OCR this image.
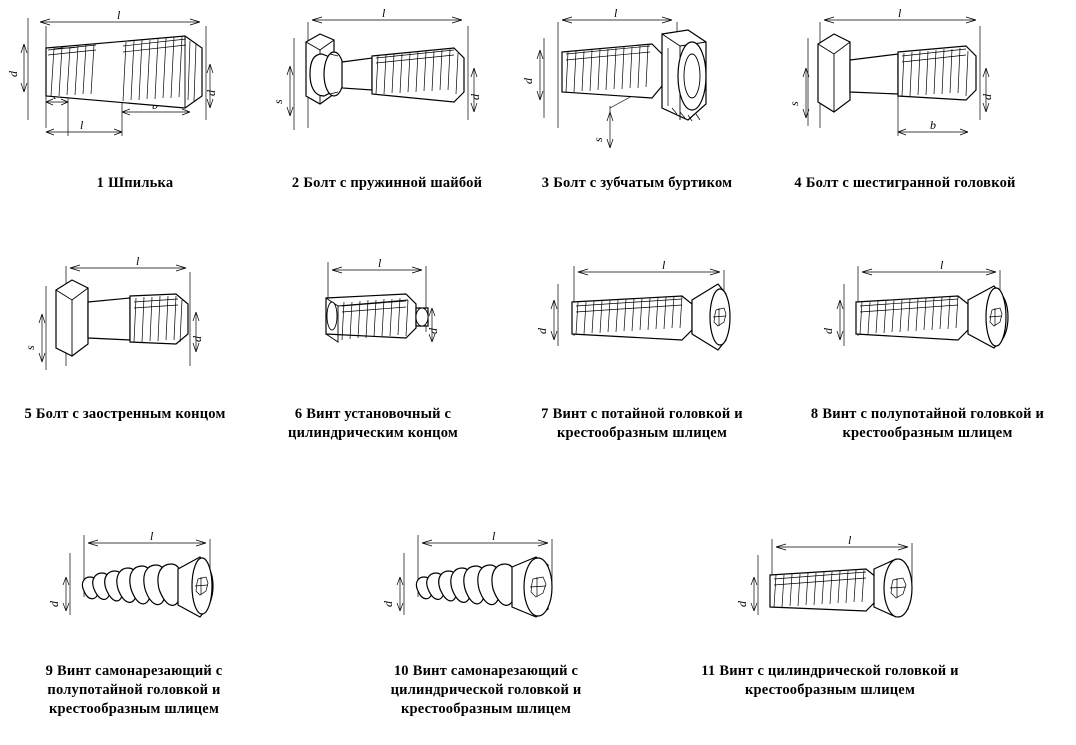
l
d
d
l
1 Шпилька
l
s
d
2 Болт с пружинной шайбой
l
d
s
3 Болт с зубчатым буртиком
l
s
d
b
4 Болт с шестигранной головкой
l
s
d
5 Болт с заостренным концом
l
d
6 Винт установочный с цилиндрическим концом
l
d
7 Винт с потайной головкой и крестообразным шлицем
l
d
8 Винт с полупотайной головкой и крестообразным шлицем
l
d
9 Винт самонарезающий с полупотайной головкой и крестообразным шлицем
l
d
10 Винт самонарезающий с цилиндрической головкой и крестообразным шлицем
l
d
11 Винт с цилиндрической головкой и крестообразным шлицем
